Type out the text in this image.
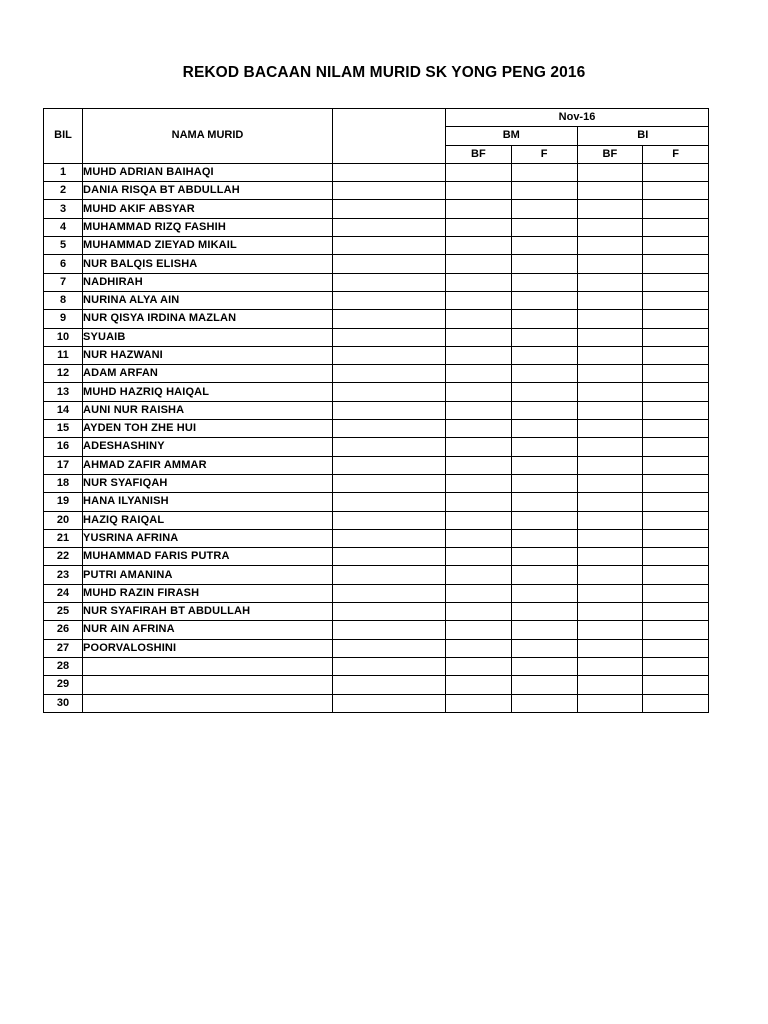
REKOD BACAAN NILAM MURID SK YONG PENG 2016
BIL	NAMA MURID		Nov-16			
			BM		BI	
			BF	F	BF	F
1	MUHD ADRIAN BAIHAQI					
2	DANIA RISQA BT ABDULLAH					
3	MUHD AKIF ABSYAR					
4	MUHAMMAD RIZQ FASHIH					
5	MUHAMMAD ZIEYAD MIKAIL					
6	NUR BALQIS ELISHA					
7	NADHIRAH					
8	NURINA ALYA AIN					
9	NUR QISYA IRDINA MAZLAN					
10	SYUAIB					
11	NUR HAZWANI					
12	ADAM ARFAN					
13	MUHD HAZRIQ HAIQAL					
14	AUNI NUR RAISHA					
15	AYDEN TOH ZHE HUI					
16	ADESHASHINY					
17	AHMAD ZAFIR AMMAR					
18	NUR SYAFIQAH					
19	HANA ILYANISH					
20	HAZIQ RAIQAL					
21	YUSRINA AFRINA					
22	MUHAMMAD FARIS PUTRA					
23	PUTRI AMANINA					
24	MUHD RAZIN FIRASH					
25	NUR SYAFIRAH BT ABDULLAH					
26	NUR AIN AFRINA					
27	POORVALOSHINI					
28						
29						
30						
